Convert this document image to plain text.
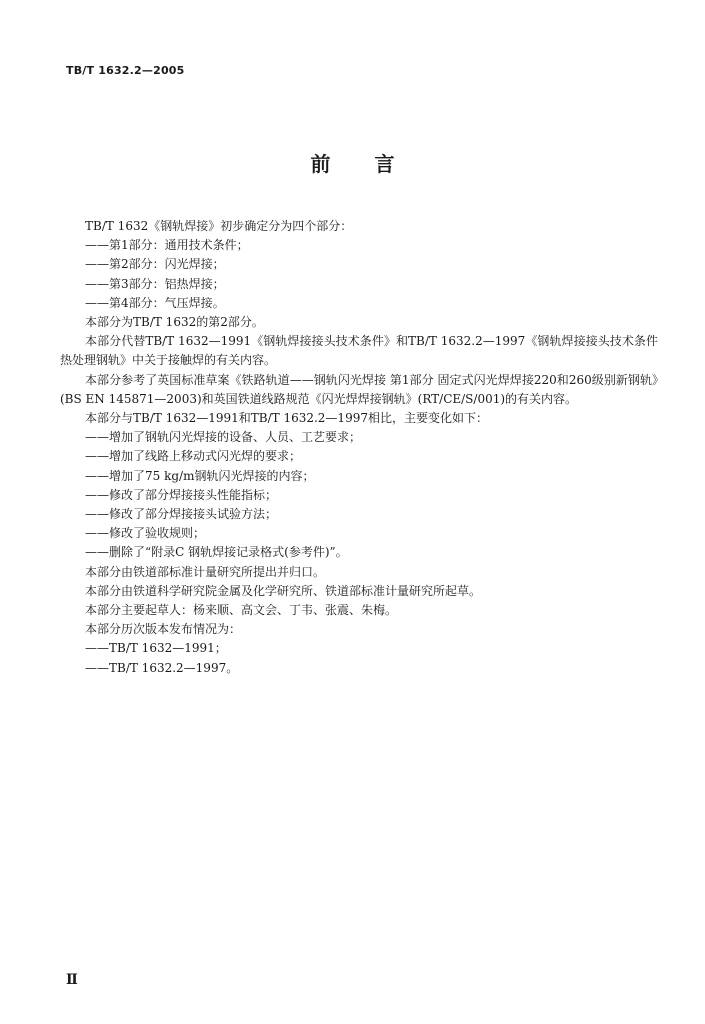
TB/T 1632.2—2005
前言

TB/T 1632《钢轨焊接》初步确定分为四个部分：

——第1部分：通用技术条件；

——第2部分：闪光焊接；

——第3部分：铝热焊接；

——第4部分：气压焊接。

本部分为TB/T 1632的第2部分。

本部分代替TB/T 1632—1991《钢轨焊接接头技术条件》和TB/T 1632.2—1997《钢轨焊接接头技术条件 热处理钢轨》中关于接触焊的有关内容。

本部分参考了英国标准草案《铁路轨道——钢轨闪光焊接 第1部分 固定式闪光焊焊接220和260级别新钢轨》(BS EN 145871—2003)和英国铁道线路规范《闪光焊焊接钢轨》(RT/CE/S/001)的有关内容。

本部分与TB/T 1632—1991和TB/T 1632.2—1997相比，主要变化如下：

——增加了钢轨闪光焊接的设备、人员、工艺要求；

——增加了线路上移动式闪光焊的要求；

——增加了75 kg/m钢轨闪光焊接的内容；

——修改了部分焊接接头性能指标；

——修改了部分焊接接头试验方法；

——修改了验收规则；

——删除了“附录C 钢轨焊接记录格式(参考件)”。

本部分由铁道部标准计量研究所提出并归口。

本部分由铁道科学研究院金属及化学研究所、铁道部标准计量研究所起草。

本部分主要起草人：杨来顺、高文会、丁韦、张震、朱梅。

本部分历次版本发布情况为：

——TB/T 1632—1991；

——TB/T 1632.2—1997。

Ⅱ
